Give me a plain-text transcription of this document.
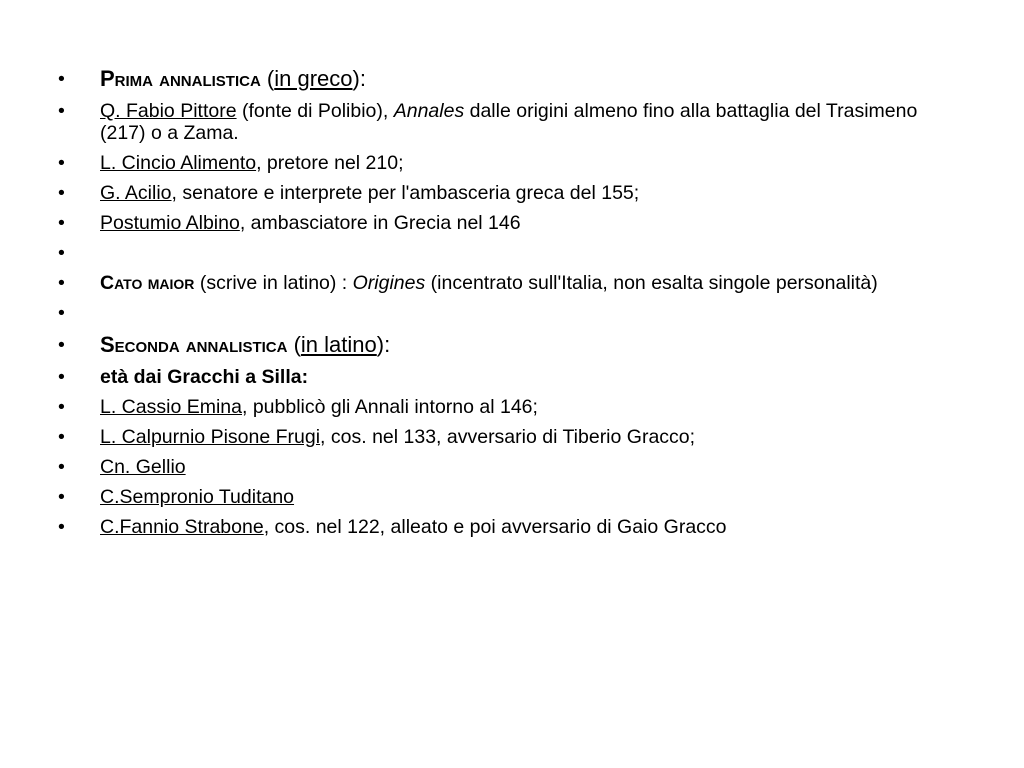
• Prima annalistica (in greco):
• Q. Fabio Pittore (fonte di Polibio), Annales dalle origini almeno fino alla battaglia del Trasimeno (217) o a Zama.
• L. Cincio Alimento, pretore nel 210;
• G. Acilio, senatore e interprete per l'ambasceria greca del 155;
• Postumio Albino, ambasciatore in Grecia nel 146
•
• Cato maior (scrive in latino) : Origines (incentrato sull'Italia, non esalta singole personalità)
•
• Seconda annalistica (in latino):
• età dai Gracchi a Silla:
• L. Cassio Emina, pubblicò gli Annali intorno al 146;
• L. Calpurnio Pisone Frugi, cos. nel 133, avversario di Tiberio Gracco;
• Cn. Gellio
• C.Sempronio Tuditano
• C.Fannio Strabone, cos. nel 122, alleato e poi avversario di Gaio Gracco
